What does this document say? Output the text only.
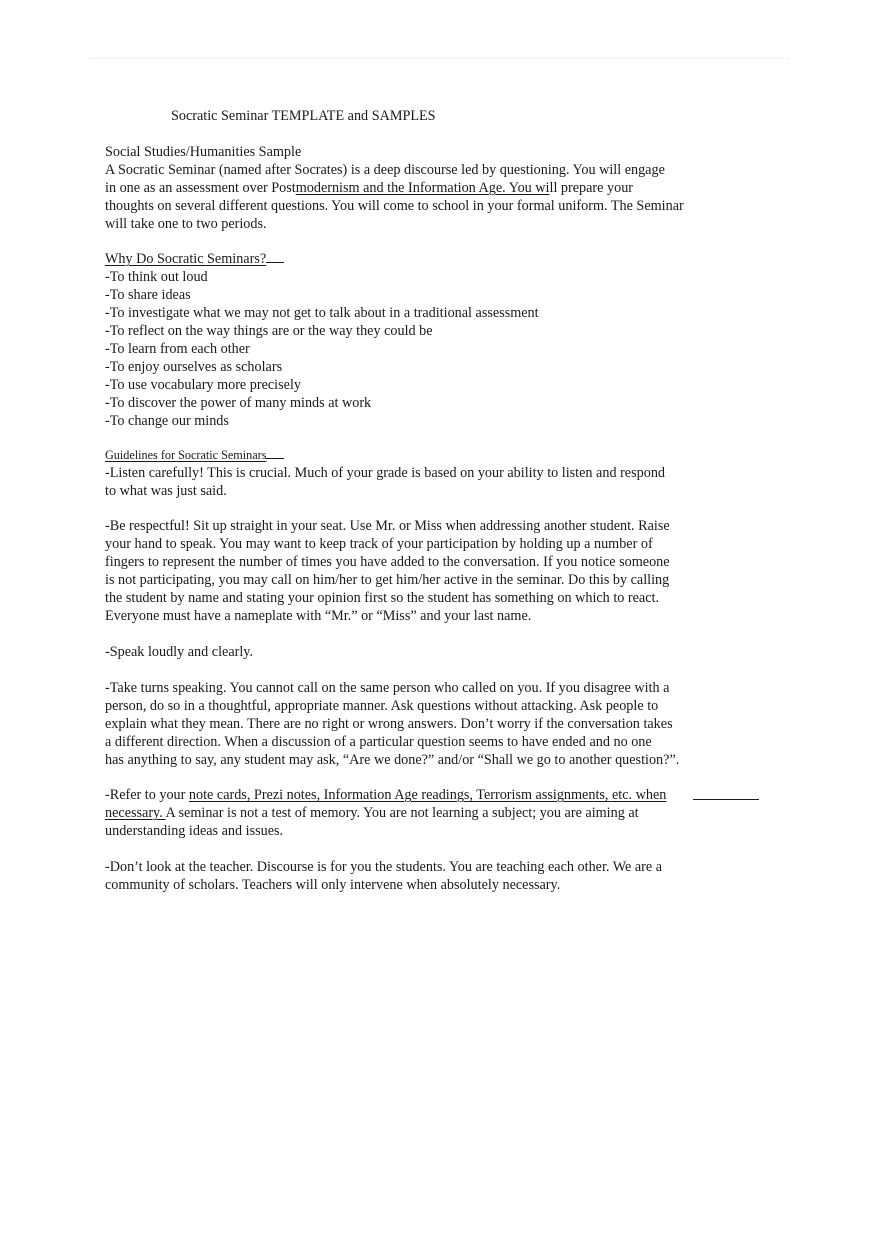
Socratic Seminar TEMPLATE and SAMPLES

Social Studies/Humanities Sample

A Socratic Seminar (named after Socrates) is a deep discourse led by questioning. You will engage

in one as an assessment over Postmodernism and the Information Age. You will prepare your

thoughts on several different questions. You will come to school in your formal uniform. The Seminar

will take one to two periods.

Why Do Socratic Seminars?

-To think out loud

-To share ideas

-To investigate what we may not get to talk about in a traditional assessment

-To reflect on the way things are or the way they could be

-To learn from each other

-To enjoy ourselves as scholars

-To use vocabulary more precisely

-To discover the power of many minds at work

-To change our minds

Guidelines for Socratic Seminars

-Listen carefully! This is crucial. Much of your grade is based on your ability to listen and respond

to what was just said.

-Be respectful! Sit up straight in your seat. Use Mr. or Miss when addressing another student. Raise

your hand to speak. You may want to keep track of your participation by holding up a number of

fingers to represent the number of times you have added to the conversation. If you notice someone

is not participating, you may call on him/her to get him/her active in the seminar. Do this by calling

the student by name and stating your opinion first so the student has something on which to react.

Everyone must have a nameplate with “Mr.” or “Miss” and your last name.

-Speak loudly and clearly.

-Take turns speaking. You cannot call on the same person who called on you. If you disagree with a

person, do so in a thoughtful, appropriate manner. Ask questions without attacking. Ask people to

explain what they mean. There are no right or wrong answers. Don’t worry if the conversation takes

a different direction. When a discussion of a particular question seems to have ended and no one

has anything to say, any student may ask, “Are we done?” and/or “Shall we go to another question?”.

-Refer to your note cards, Prezi notes, Information Age readings, Terrorism assignments, etc. when

necessary. A seminar is not a test of memory. You are not learning a subject; you are aiming at

understanding ideas and issues.

-Don’t look at the teacher. Discourse is for you the students. You are teaching each other. We are a

community of scholars. Teachers will only intervene when absolutely necessary.
